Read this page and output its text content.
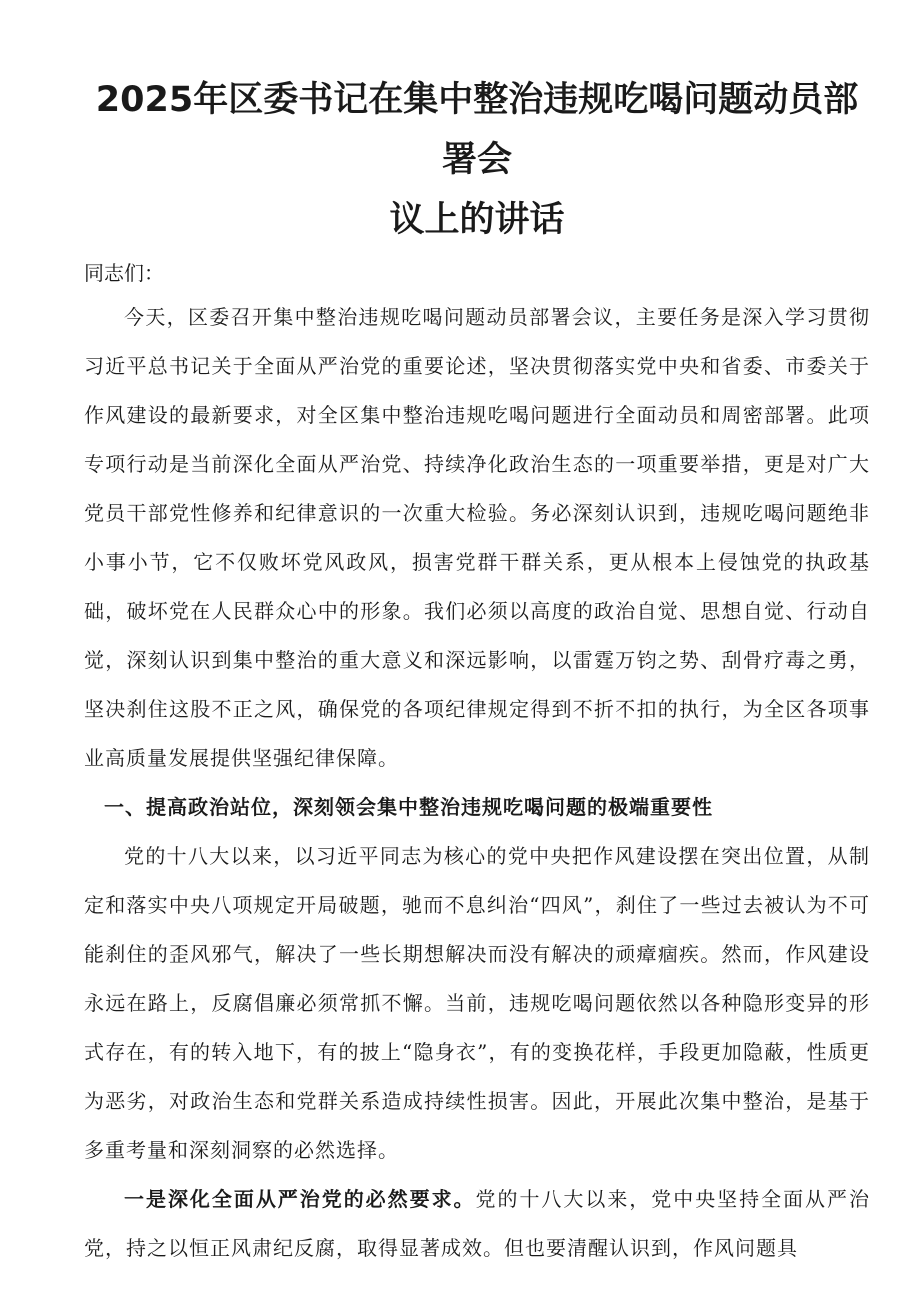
2025年区委书记在集中整治违规吃喝问题动员部署会
议上的讲话

同志们：

今天，区委召开集中整治违规吃喝问题动员部署会议，主要任务是深入学习贯彻习近平总书记关于全面从严治党的重要论述，坚决贯彻落实党中央和省委、市委关于作风建设的最新要求，对全区集中整治违规吃喝问题进行全面动员和周密部署。此项专项行动是当前深化全面从严治党、持续净化政治生态的一项重要举措，更是对广大党员干部党性修养和纪律意识的一次重大检验。务必深刻认识到，违规吃喝问题绝非小事小节，它不仅败坏党风政风，损害党群干群关系，更从根本上侵蚀党的执政基础，破坏党在人民群众心中的形象。我们必须以高度的政治自觉、思想自觉、行动自觉，深刻认识到集中整治的重大意义和深远影响，以雷霆万钧之势、刮骨疗毒之勇，坚决刹住这股不正之风，确保党的各项纪律规定得到不折不扣的执行，为全区各项事业高质量发展提供坚强纪律保障。

一、提高政治站位，深刻领会集中整治违规吃喝问题的极端重要性

党的十八大以来，以习近平同志为核心的党中央把作风建设摆在突出位置，从制定和落实中央八项规定开局破题，驰而不息纠治“四风”，刹住了一些过去被认为不可能刹住的歪风邪气，解决了一些长期想解决而没有解决的顽瘴痼疾。然而，作风建设永远在路上，反腐倡廉必须常抓不懈。当前，违规吃喝问题依然以各种隐形变异的形式存在，有的转入地下，有的披上“隐身衣”，有的变换花样，手段更加隐蔽，性质更为恶劣，对政治生态和党群关系造成持续性损害。因此，开展此次集中整治，是基于多重考量和深刻洞察的必然选择。

一是深化全面从严治党的必然要求。党的十八大以来，党中央坚持全面从严治党，持之以恒正风肃纪反腐，取得显著成效。但也要清醒认识到，作风问题具
